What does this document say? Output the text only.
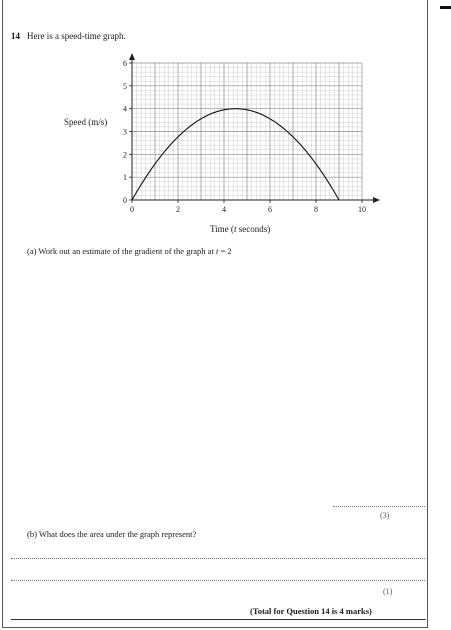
14 Here is a speed-time graph.
Speed (m/s)
0	2	4	6	8	10
0
1
2
3
4
5
6
Time (t seconds)
(a) Work out an estimate of the gradient of the graph at t = 2
(3)
(b) What does the area under the graph represent?
(1)
(Total for Question 14 is 4 marks)
